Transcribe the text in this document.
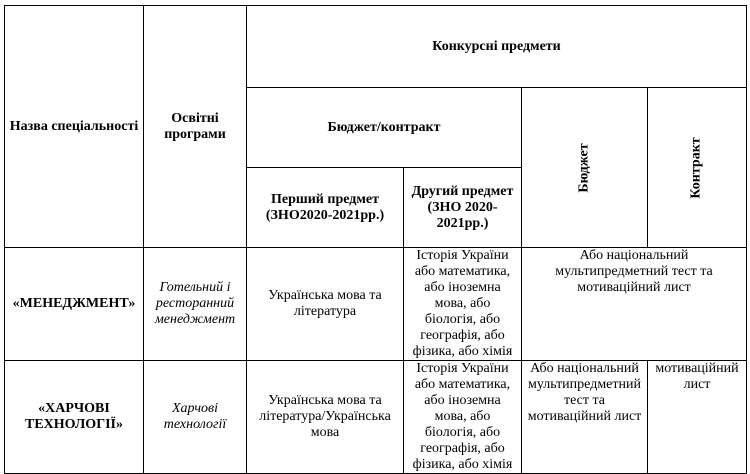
Назва спеціальності	Освітні програми	Конкурсні предмети			
		Бюджет/контракт		Бюджет	Контракт
		Перший предмет (ЗНО2020-2021рр.)	Другий предмет (ЗНО 2020-2021рр.)		
«МЕНЕДЖМЕНТ»	Готельний і ресторанний менеджмент	Українська мова та література	Історія України або математика, або іноземна мова, або біологія, або географія, або фізика, або хімія	Або національний мультипредметний тест та мотиваційний лист	
«ХАРЧОВІ ТЕХНОЛОГІЇ»	Харчові технології	Українська мова та література/Українська мова	Історія України або математика, або іноземна мова, або біологія, або географія, або фізика, або хімія	Або національний мультипредметний тест та мотиваційний лист	мотиваційний лист
